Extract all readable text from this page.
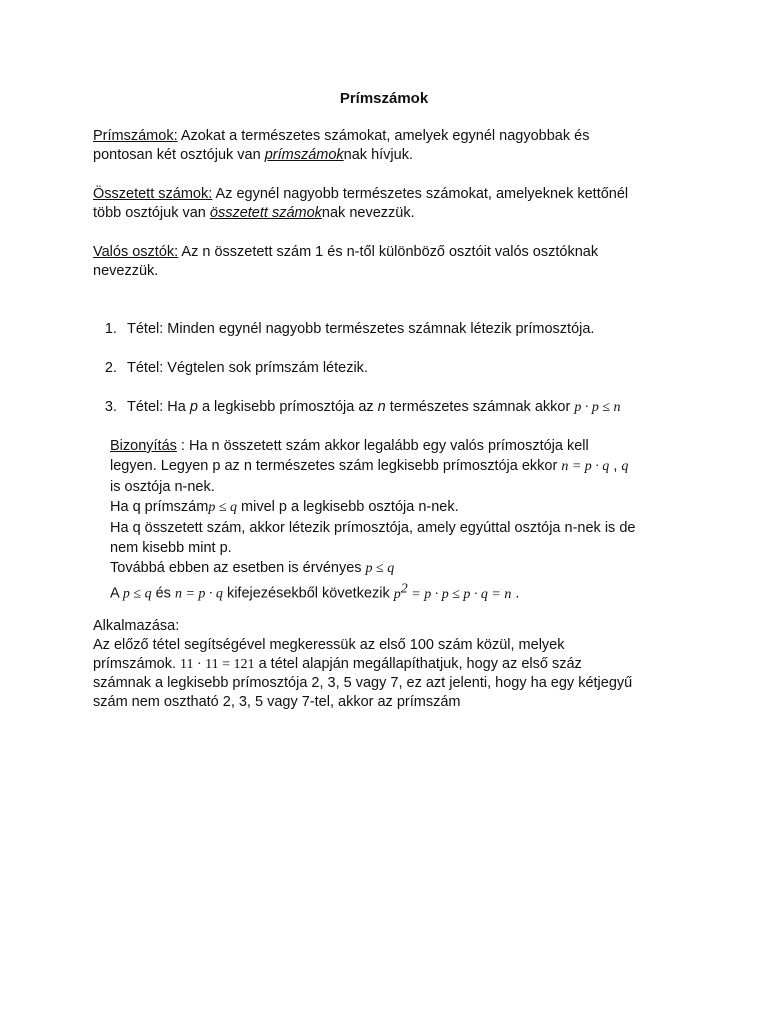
Prímszámok
Prímszámok: Azokat a természetes számokat, amelyek egynél nagyobbak és pontosan két osztójuk van prímszámoknak hívjuk.
Összetett számok: Az egynél nagyobb természetes számokat, amelyeknek kettőnél több osztójuk van összetett számoknak nevezzük.
Valós osztók: Az n összetett szám 1 és n-től különböző osztóit valós osztóknak nevezzük.
1. Tétel: Minden egynél nagyobb természetes számnak létezik prímosztója.
2. Tétel: Végtelen sok prímszám létezik.
3. Tétel: Ha p a legkisebb prímosztója az n természetes számnak akkor p · p ≤ n
Bizonyítás : Ha n összetett szám akkor legalább egy valós prímosztója kell
legyen. Legyen p az n természetes szám legkisebb prímosztója ekkor n = p · q , q
is osztója n-nek.
Ha q prímszámp ≤ q mivel p a legkisebb osztója n-nek.
Ha q összetett szám, akkor létezik prímosztója, amely egyúttal osztója n-nek is de
nem kisebb mint p.
Továbbá ebben az esetben is érvényes p ≤ q
A p ≤ q és n = p · q kifejezésekből következik $p^2 = p \cdot p \le p \cdot q = n$ .
Alkalmazása:
Az előző tétel segítségével megkeressük az első 100 szám közül, melyek
prímszámok. 11 · 11 = 121 a tétel alapján megállapíthatjuk, hogy az első száz
számnak a legkisebb prímosztója 2, 3, 5 vagy 7, ez azt jelenti, hogy ha egy kétjegyű
szám nem osztható 2, 3, 5 vagy 7-tel, akkor az prímszám
